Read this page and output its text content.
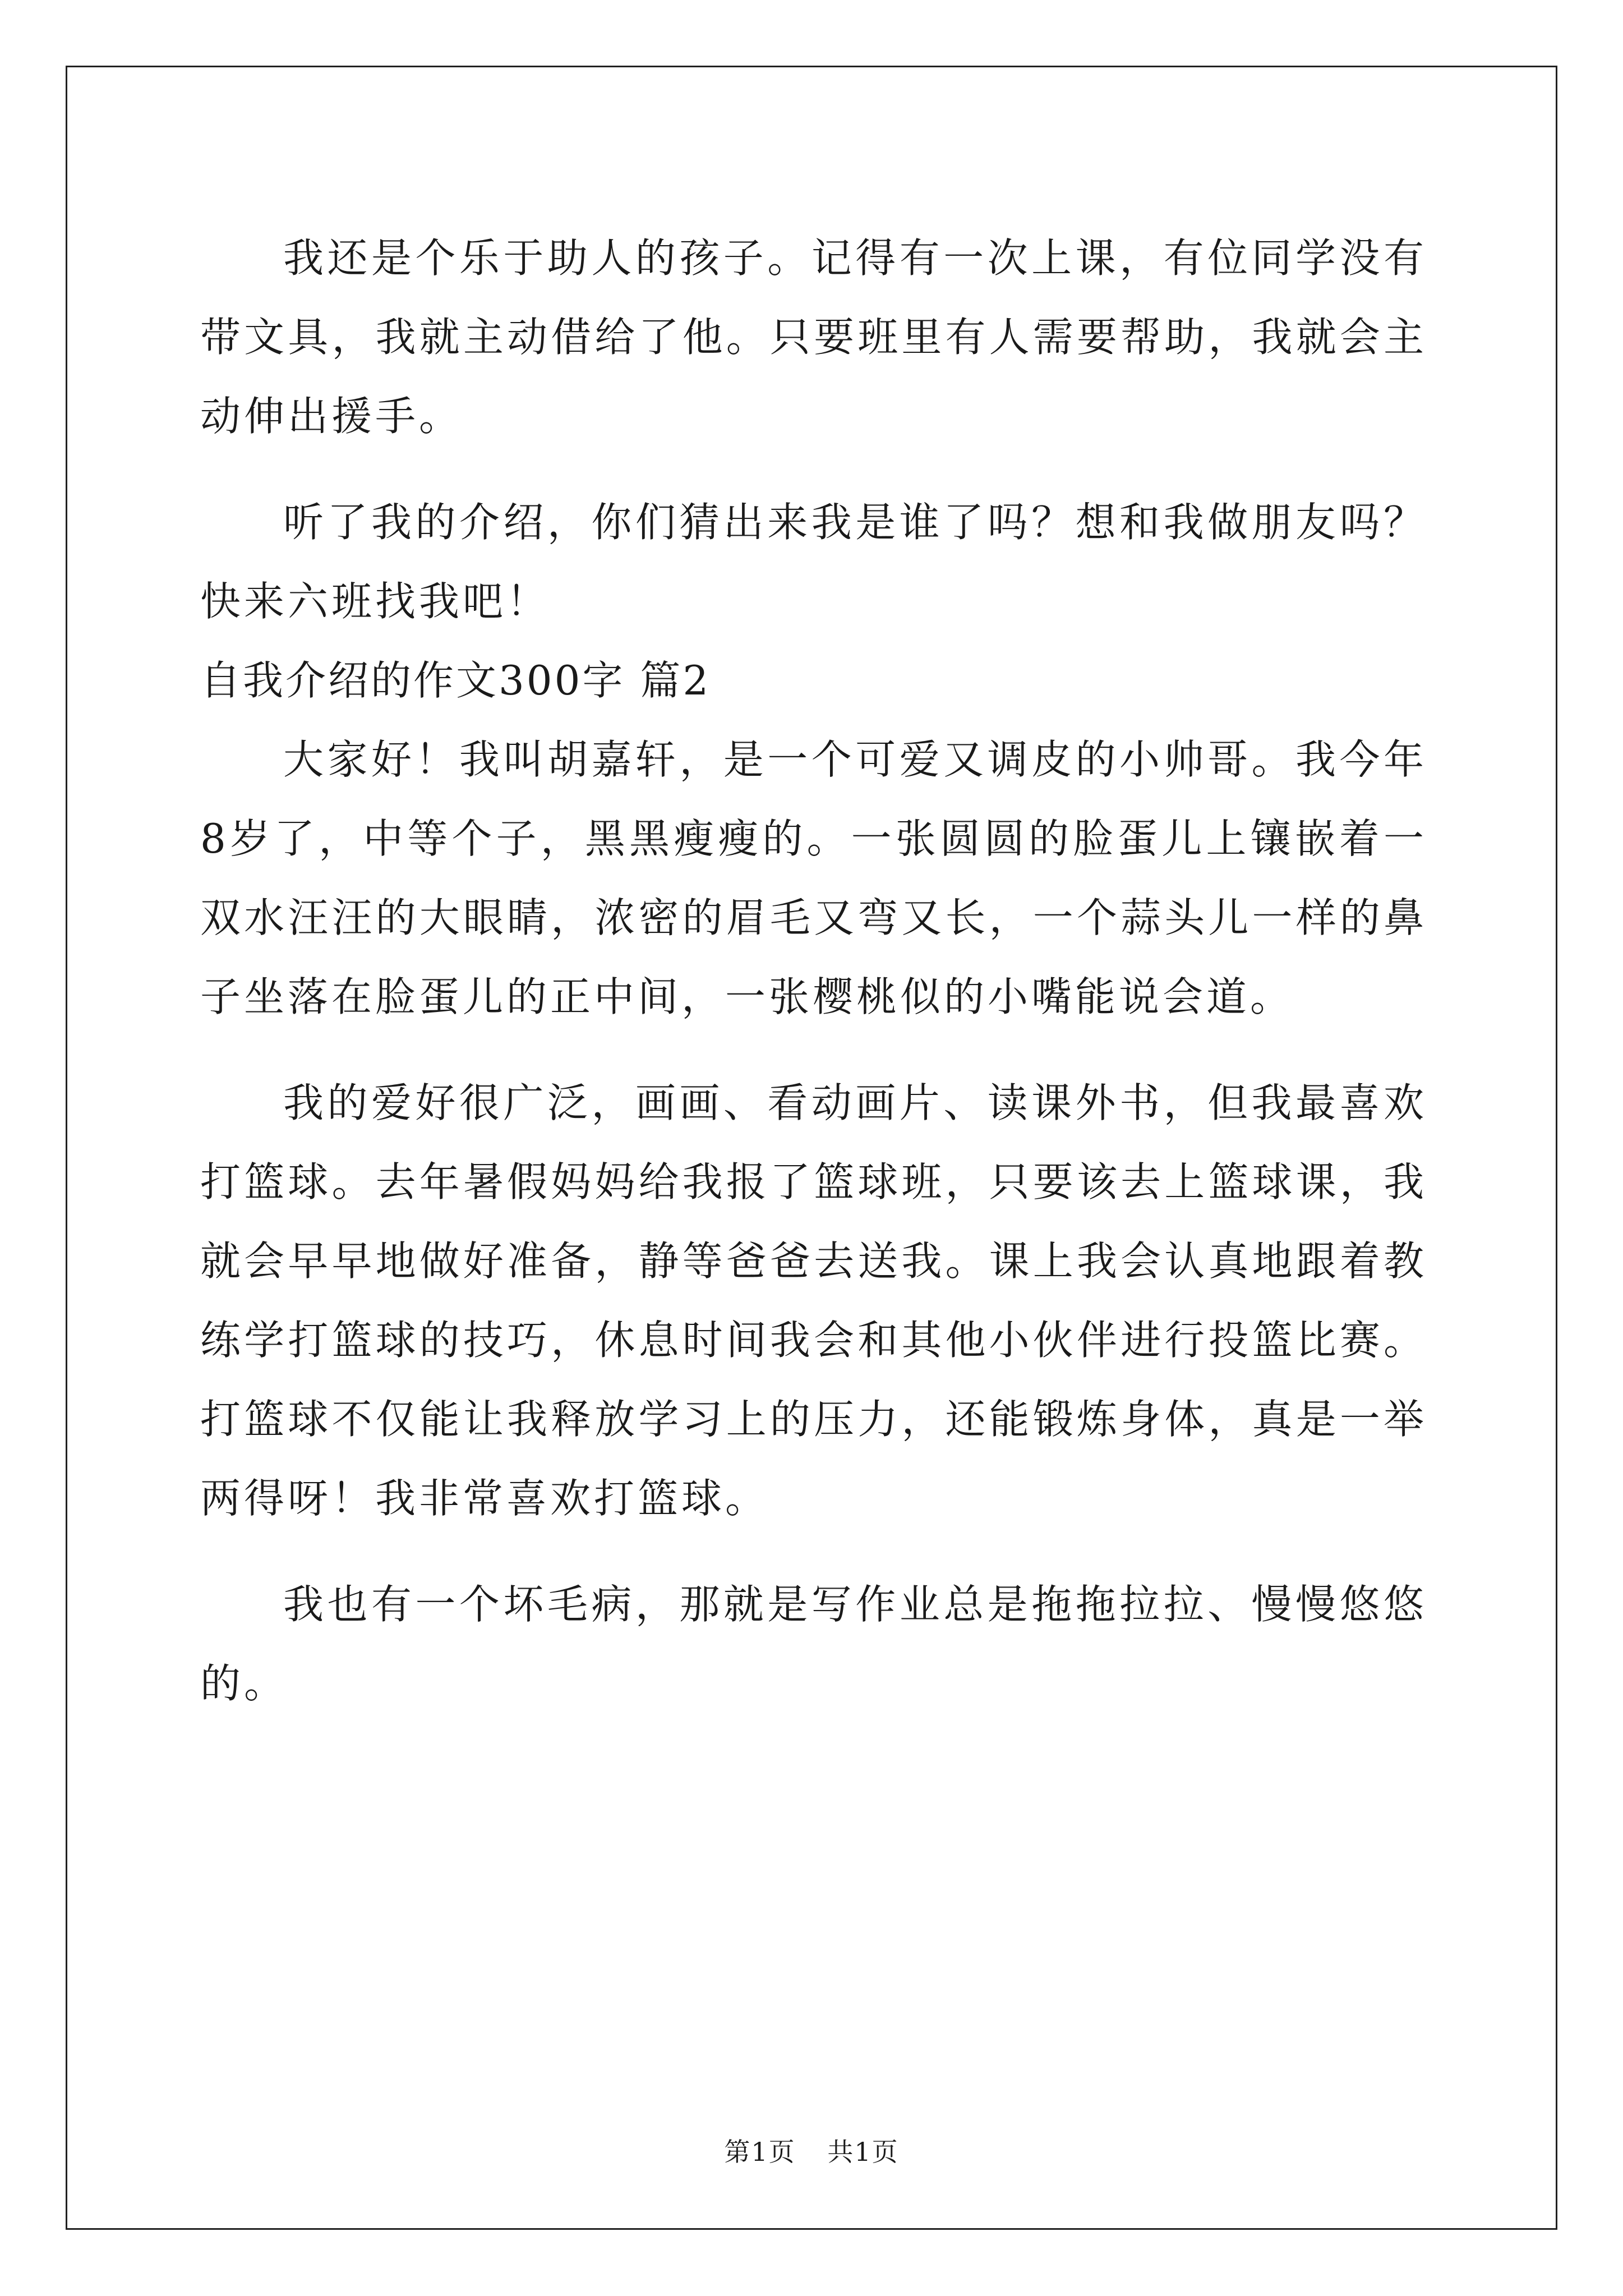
我还是个乐于助人的孩子。记得有一次上课，有位同学没有带文具，我就主动借给了他。只要班里有人需要帮助，我就会主动伸出援手。

听了我的介绍，你们猜出来我是谁了吗？想和我做朋友吗？快来六班找我吧！

自我介绍的作文300字 篇2

大家好！我叫胡嘉轩，是一个可爱又调皮的小帅哥。我今年8岁了，中等个子，黑黑瘦瘦的。一张圆圆的脸蛋儿上镶嵌着一双水汪汪的大眼睛，浓密的眉毛又弯又长，一个蒜头儿一样的鼻子坐落在脸蛋儿的正中间，一张樱桃似的小嘴能说会道。

我的爱好很广泛，画画、看动画片、读课外书，但我最喜欢打篮球。去年暑假妈妈给我报了篮球班，只要该去上篮球课，我就会早早地做好准备，静等爸爸去送我。课上我会认真地跟着教练学打篮球的技巧，休息时间我会和其他小伙伴进行投篮比赛。打篮球不仅能让我释放学习上的压力，还能锻炼身体，真是一举两得呀！我非常喜欢打篮球。

我也有一个坏毛病，那就是写作业总是拖拖拉拉、慢慢悠悠的。

第1页 共1页
